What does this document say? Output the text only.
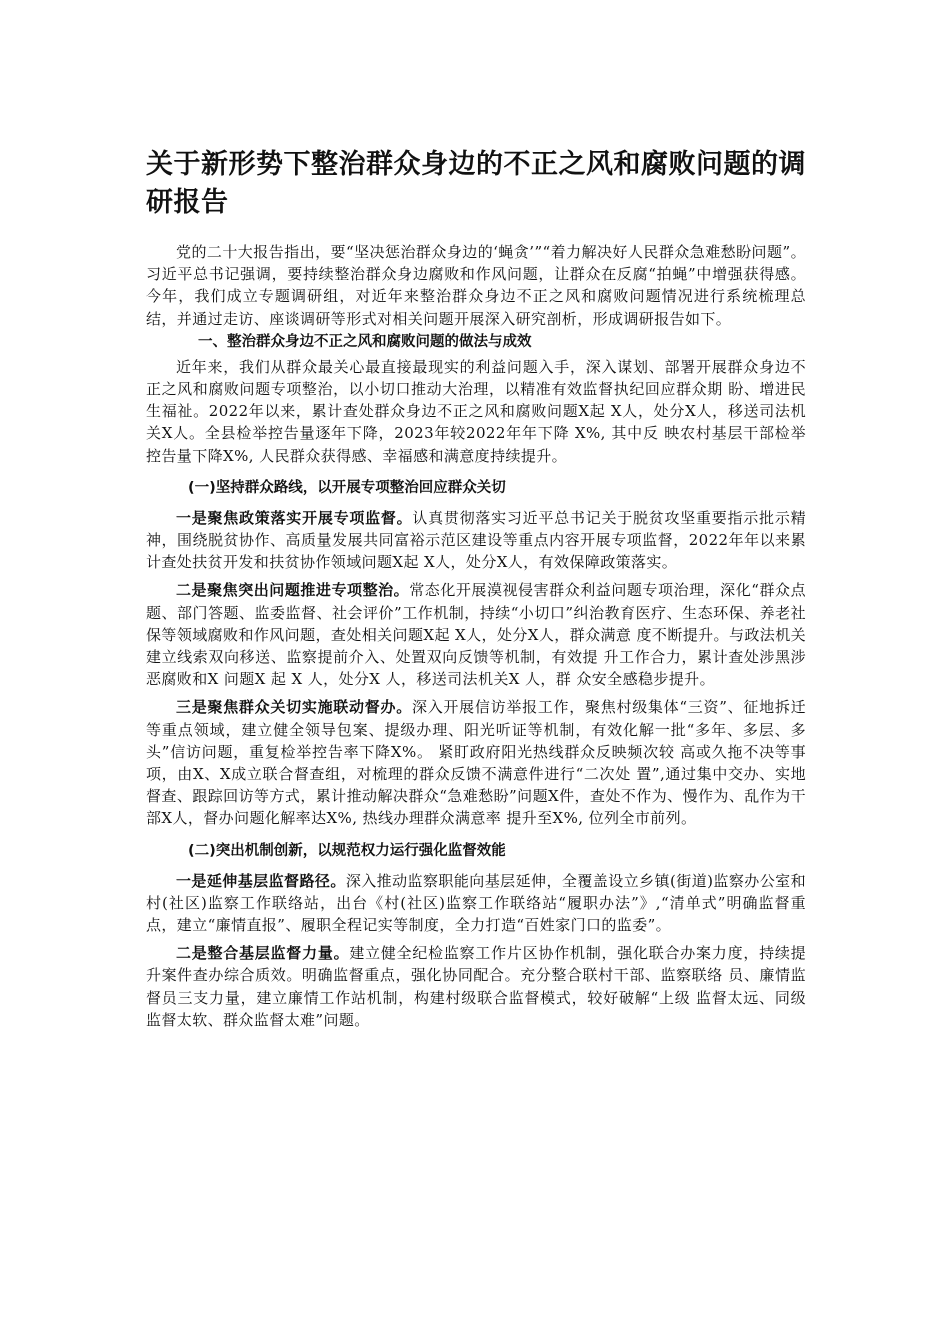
关于新形势下整治群众身边的不正之风和腐败问题的调研报告

党的二十大报告指出，要“坚决惩治群众身边的‘蝇贪’”“着力解决好人民群众急难愁盼问题”。习近平总书记强调，要持续整治群众身边腐败和作风问题，让群众在反腐“拍蝇”中增强获得感。今年，我们成立专题调研组，对近年来整治群众身边不正之风和腐败问题情况进行系统梳理总结，并通过走访、座谈调研等形式对相关问题开展深入研究剖析，形成调研报告如下。

一、整治群众身边不正之风和腐败问题的做法与成效

近年来，我们从群众最关心最直接最现实的利益问题入手，深入谋划、部署开展群众身边不正之风和腐败问题专项整治，以小切口推动大治理，以精准有效监督执纪回应群众期 盼、增进民生福祉。2022年以来，累计查处群众身边不正之风和腐败问题X起 X人，处分X人，移送司法机关X人。全县检举控告量逐年下降，2023年较2022年年下降 X%, 其中反 映农村基层干部检举控告量下降X%, 人民群众获得感、幸福感和满意度持续提升。

(一)坚持群众路线，以开展专项整治回应群众关切

一是聚焦政策落实开展专项监督。认真贯彻落实习近平总书记关于脱贫攻坚重要指示批示精神，围绕脱贫协作、高质量发展共同富裕示范区建设等重点内容开展专项监督，2022年年以来累计查处扶贫开发和扶贫协作领域问题X起 X人，处分X人，有效保障政策落实。

二是聚焦突出问题推进专项整治。常态化开展漠视侵害群众利益问题专项治理，深化“群众点题、部门答题、监委监督、社会评价”工作机制，持续“小切口”纠治教育医疗、生态环保、养老社保等领域腐败和作风问题，查处相关问题X起 X人，处分X人，群众满意 度不断提升。与政法机关建立线索双向移送、监察提前介入、处置双向反馈等机制，有效提 升工作合力，累计查处涉黑涉恶腐败和X 问题X 起 X 人，处分X 人，移送司法机关X 人，群 众安全感稳步提升。

三是聚焦群众关切实施联动督办。深入开展信访举报工作，聚焦村级集体“三资”、征地拆迁等重点领域，建立健全领导包案、提级办理、阳光听证等机制，有效化解一批“多年、多层、多头”信访问题，重复检举控告率下降X%。 紧盯政府阳光热线群众反映频次较 高或久拖不决等事项，由X、X成立联合督查组，对梳理的群众反馈不满意件进行“二次处 置”,通过集中交办、实地督查、跟踪回访等方式，累计推动解决群众“急难愁盼”问题X件，查处不作为、慢作为、乱作为干部X人，督办问题化解率达X%, 热线办理群众满意率 提升至X%, 位列全市前列。

(二)突出机制创新，以规范权力运行强化监督效能

一是延伸基层监督路径。深入推动监察职能向基层延伸，全覆盖设立乡镇(街道)监察办公室和村(社区)监察工作联络站，出台《村(社区)监察工作联络站“履职办法”》,“清单式”明确监督重点，建立“廉情直报”、履职全程记实等制度，全力打造“百姓家门口的监委”。

二是整合基层监督力量。建立健全纪检监察工作片区协作机制，强化联合办案力度，持续提升案件查办综合质效。明确监督重点，强化协同配合。充分整合联村干部、监察联络 员、廉情监督员三支力量，建立廉情工作站机制，构建村级联合监督模式，较好破解“上级 监督太远、同级监督太软、群众监督太难”问题。
